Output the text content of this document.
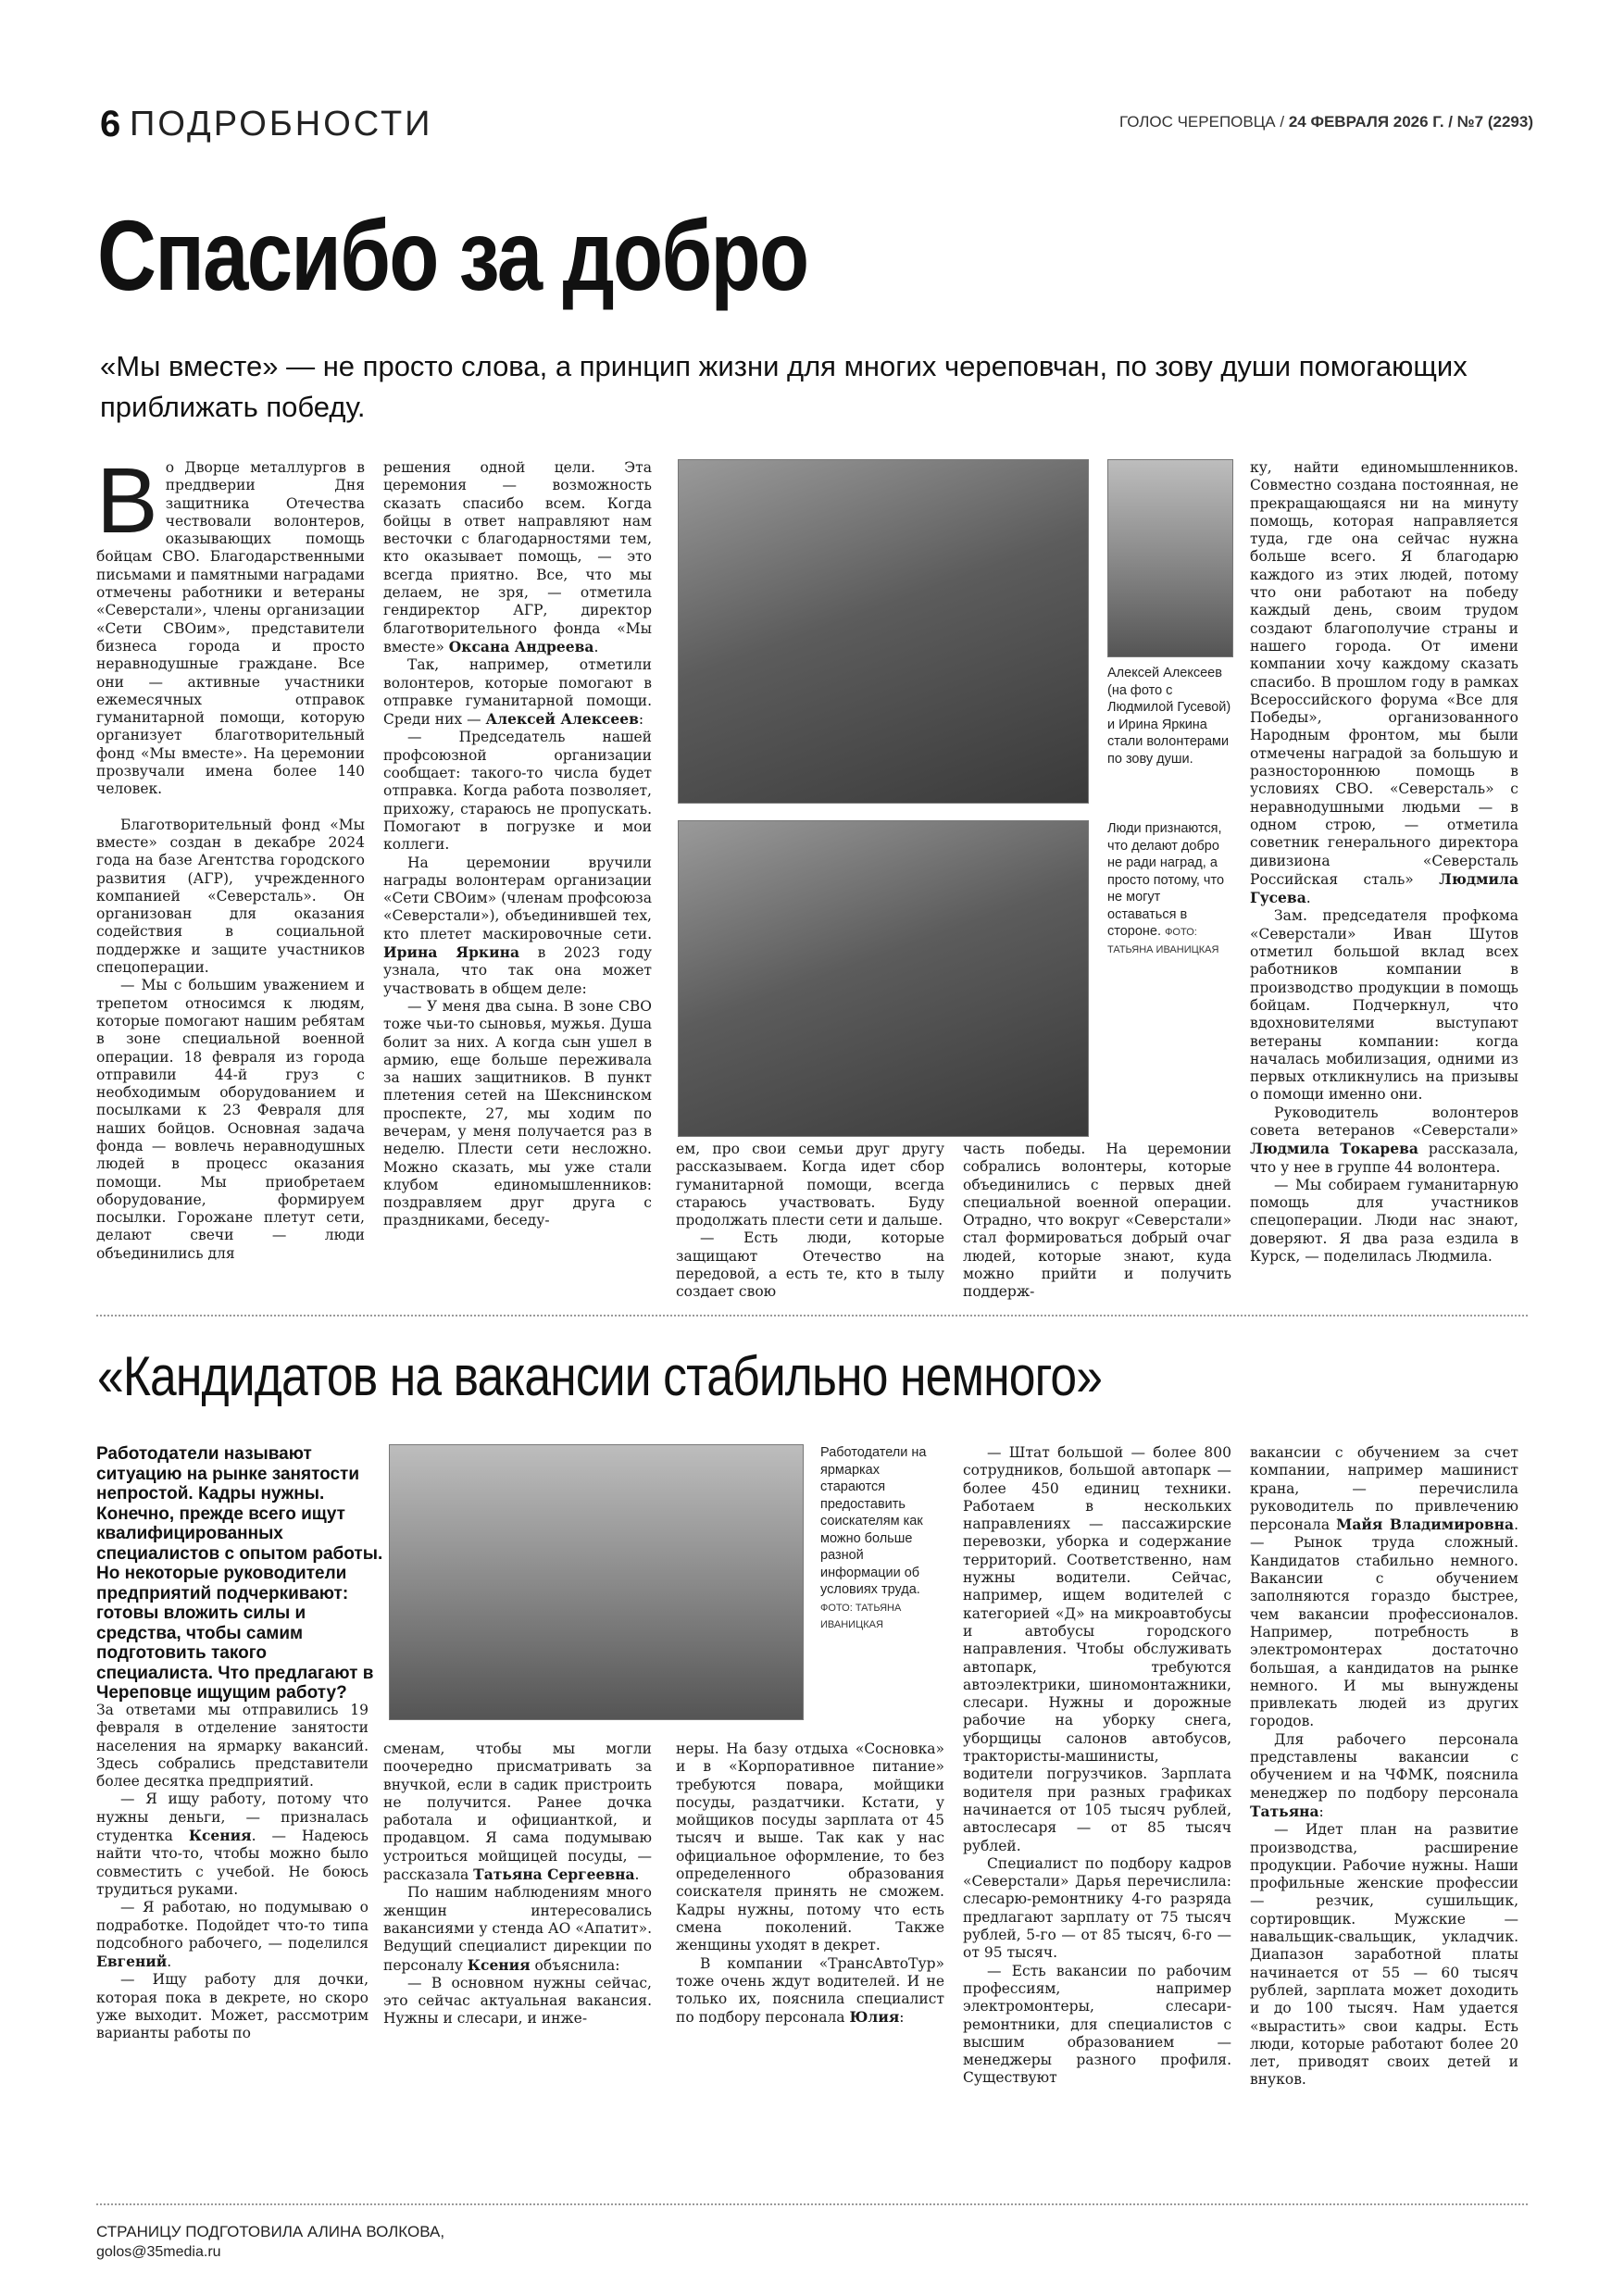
6 ПОДРОБНОСТИ	ГОЛОС ЧЕРЕПОВЦА / 24 ФЕВРАЛЯ 2026 Г. / №7 (2293)
Спасибо за добро
«Мы вместе» — не просто слова, а принцип жизни для многих череповчан, по зову души помогающих приближать победу.

Во Дворце металлургов в преддверии Дня защитника Отечества чествовали волонтеров, оказывающих помощь бойцам СВО. Благодарственными письмами и памятными наградами отмечены работники и ветераны «Северстали», члены организации «Сети СВОим», представители бизнеса города и просто неравнодушные граждане. Все они — активные участники ежемесячных отправок гуманитарной помощи, которую организует благотворительный фонд «Мы вместе». На церемонии прозвучали имена более 140 человек.

Благотворительный фонд «Мы вместе» создан в декабре 2024 года на базе Агентства городского развития (АГР), учрежденного компанией «Северсталь». Он организован для оказания содействия в социальной поддержке и защите участников спецоперации.

— Мы с большим уважением и трепетом относимся к людям, которые помогают нашим ребятам в зоне специальной военной операции. 18 февраля из города отправили 44-й груз с необходимым оборудованием и посылками к 23 Февраля для наших бойцов. Основная задача фонда — вовлечь неравнодушных людей в процесс оказания помощи. Мы приобретаем оборудование, формируем посылки. Горожане плетут сети, делают свечи — люди объединились для

решения одной цели. Эта церемония — возможность сказать спасибо всем. Когда бойцы в ответ направляют нам весточки с благодарностями тем, кто оказывает помощь, — это всегда приятно. Все, что мы делаем, не зря, — отметила гендиректор АГР, директор благотворительного фонда «Мы вместе» Оксана Андреева.

Так, например, отметили волонтеров, которые помогают в отправке гуманитарной помощи. Среди них — Алексей Алексеев:

— Председатель нашей профсоюзной организации сообщает: такого-то числа будет отправка. Когда работа позволяет, прихожу, стараюсь не пропускать. Помогают в погрузке и мои коллеги.

На церемонии вручили награды волонтерам организации «Сети СВОим» (членам профсоюза «Северстали»), объединившей тех, кто плетет маскировочные сети. Ирина Яркина в 2023 году узнала, что так она может участвовать в общем деле:

— У меня два сына. В зоне СВО тоже чьи-то сыновья, мужья. Душа болит за них. А когда сын ушел в армию, еще больше переживала за наших защитников. В пункт плетения сетей на Шекснинском проспекте, 27, мы ходим по вечерам, у меня получается раз в неделю. Плести сети несложно. Можно сказать, мы уже стали клубом единомышленников: поздравляем друг друга с праздниками, беседу-

Алексей Алексеев (на фото с Людмилой Гусевой) и Ирина Яркина стали волонтерами по зову души.
Люди признаются, что делают добро не ради наград, а просто потому, что не могут оставаться в стороне. ФОТО: ТАТЬЯНА ИВАНИЦКАЯ

ем, про свои семьи друг другу рассказываем. Когда идет сбор гуманитарной помощи, всегда стараюсь участвовать. Буду продолжать плести сети и дальше.

— Есть люди, которые защищают Отечество на передовой, а есть те, кто в тылу создает свою

часть победы. На церемонии собрались волонтеры, которые объединились с первых дней специальной военной операции. Отрадно, что вокруг «Северстали» стал формироваться добрый очаг людей, которые знают, куда можно прийти и получить поддерж-

ку, найти единомышленников. Совместно создана постоянная, не прекращающаяся ни на минуту помощь, которая направляется туда, где она сейчас нужна больше всего. Я благодарю каждого из этих людей, потому что они работают на победу каждый день, своим трудом создают благополучие страны и нашего города. От имени компании хочу каждому сказать спасибо. В прошлом году в рамках Всероссийского форума «Все для Победы», организованного Народным фронтом, мы были отмечены наградой за большую и разностороннюю помощь в условиях СВО. «Северсталь» с неравнодушными людьми — в одном строю, — отметила советник генерального директора дивизиона «Северсталь Российская сталь» Людмила Гусева.

Зам. председателя профкома «Северстали» Иван Шутов отметил большой вклад всех работников компании в производство продукции в помощь бойцам. Подчеркнул, что вдохновителями выступают ветераны компании: когда началась мобилизация, одними из первых откликнулись на призывы о помощи именно они.

Руководитель волонтеров совета ветеранов «Северстали» Людмила Токарева рассказала, что у нее в группе 44 волонтера.

— Мы собираем гуманитарную помощь для участников спецоперации. Люди нас знают, доверяют. Я два раза ездила в Курск, — поделилась Людмила.

«Кандидатов на вакансии стабильно немного»
Работодатели называют ситуацию на рынке занятости непростой. Кадры нужны. Конечно, прежде всего ищут квалифицированных специалистов с опытом работы. Но некоторые руководители предприятий подчеркивают: готовы вложить силы и средства, чтобы самим подготовить такого специалиста. Что предлагают в Череповце ищущим работу?
Работодатели на ярмарках стараются предоставить соискателям как можно больше разной информации об условиях труда. ФОТО: ТАТЬЯНА ИВАНИЦКАЯ

За ответами мы отправились 19 февраля в отделение занятости населения на ярмарку вакансий. Здесь собрались представители более десятка предприятий.

— Я ищу работу, потому что нужны деньги, — призналась студентка Ксения. — Надеюсь найти что-то, чтобы можно было совместить с учебой. Не боюсь трудиться руками.

— Я работаю, но подумываю о подработке. Подойдет что-то типа подсобного рабочего, — поделился Евгений.

— Ищу работу для дочки, которая пока в декрете, но скоро уже выходит. Может, рассмотрим варианты работы по

сменам, чтобы мы могли поочередно присматривать за внучкой, если в садик пристроить не получится. Ранее дочка работала и официанткой, и продавцом. Я сама подумываю устроиться мойщицей посуды, — рассказала Татьяна Сергеевна.

По нашим наблюдениям много женщин интересовались вакансиями у стенда АО «Апатит». Ведущий специалист дирекции по персоналу Ксения объяснила:

— В основном нужны сейчас, это сейчас актуальная вакансия. Нужны и слесари, и инже-

неры. На базу отдыха «Сосновка» и в «Корпоративное питание» требуются повара, мойщики посуды, раздатчики. Кстати, у мойщиков посуды зарплата от 45 тысяч и выше. Так как у нас официальное оформление, то без определенного образования соискателя принять не сможем. Кадры нужны, потому что есть смена поколений. Также женщины уходят в декрет.

В компании «ТрансАвтоТур» тоже очень ждут водителей. И не только их, пояснила специалист по подбору персонала Юлия:

— Штат большой — более 800 сотрудников, большой автопарк — более 450 единиц техники. Работаем в нескольких направлениях — пассажирские перевозки, уборка и содержание территорий. Соответственно, нам нужны водители. Сейчас, например, ищем водителей с категорией «Д» на микроавтобусы и автобусы городского направления. Чтобы обслуживать автопарк, требуются автоэлектрики, шиномонтажники, слесари. Нужны и дорожные рабочие на уборку снега, уборщицы салонов автобусов, трактористы-машинисты, водители погрузчиков. Зарплата водителя при разных графиках начинается от 105 тысяч рублей, автослесаря — от 85 тысяч рублей.

Специалист по подбору кадров «Северстали» Дарья перечислила: слесарю-ремонтнику 4-го разряда предлагают зарплату от 75 тысяч рублей, 5-го — от 85 тысяч, 6-го — от 95 тысяч.

— Есть вакансии по рабочим профессиям, например электромонтеры, слесари-ремонтники, для специалистов с высшим образованием — менеджеры разного профиля. Существуют

вакансии с обучением за счет компании, например машинист крана, — перечислила руководитель по привлечению персонала Майя Владимировна. — Рынок труда сложный. Кандидатов стабильно немного. Вакансии с обучением заполняются гораздо быстрее, чем вакансии профессионалов. Например, потребность в электромонтерах достаточно большая, а кандидатов на рынке немного. И мы вынуждены привлекать людей из других городов.

Для рабочего персонала представлены вакансии с обучением и на ЧФМК, пояснила менеджер по подбору персонала Татьяна:

— Идет план на развитие производства, расширение продукции. Рабочие нужны. Наши профильные женские профессии — резчик, сушильщик, сортировщик. Мужские — навальщик-свальщик, укладчик. Диапазон заработной платы начинается от 55 — 60 тысяч рублей, зарплата может доходить и до 100 тысяч. Нам удается «вырастить» свои кадры. Есть люди, которые работают более 20 лет, приводят своих детей и внуков.

СТРАНИЦУ ПОДГОТОВИЛА АЛИНА ВОЛКОВА,
golos@35media.ru
